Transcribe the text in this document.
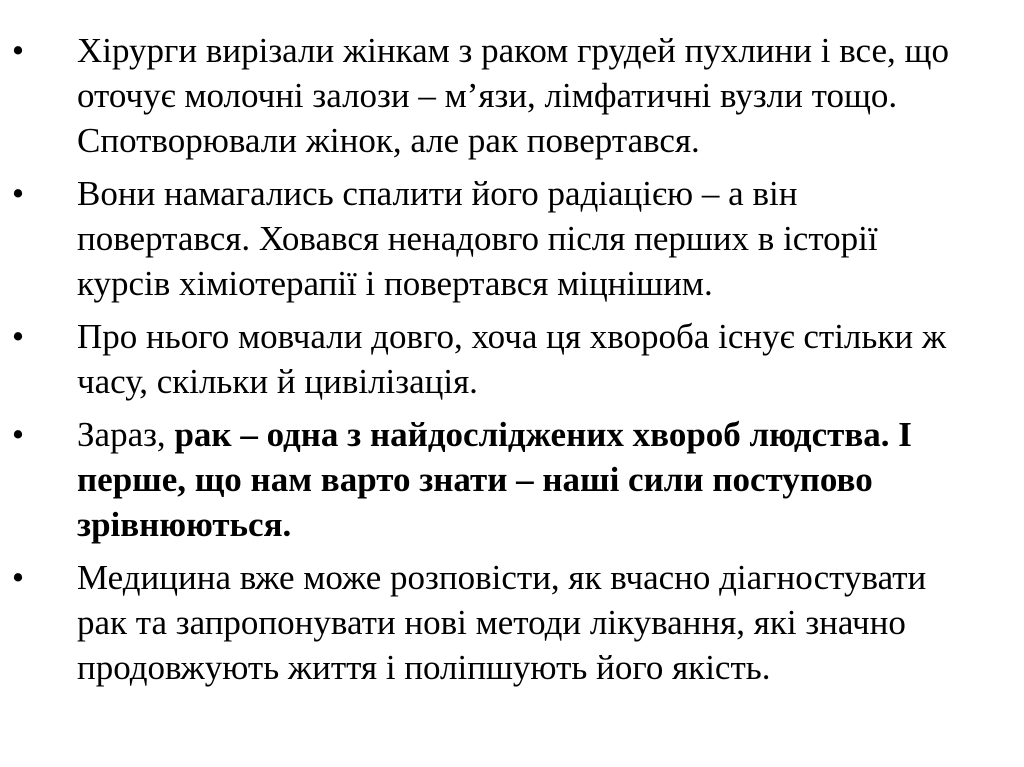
• Хірурги вирізали жінкам з раком грудей пухлини і все, що оточує молочні залози – м’язи, лімфатичні вузли тощо. Спотворювали жінок, але рак повертався.
• Вони намагались спалити його радіацією – а він повертався. Ховався ненадовго після перших в історії курсів хіміотерапії і повертався міцнішим.
• Про нього мовчали довго, хоча ця хвороба існує стільки ж часу, скільки й цивілізація.
• Зараз, рак – одна з найдосліджених хвороб людства. І перше, що нам варто знати – наші сили поступово зрівнюються.
• Медицина вже може розповісти, як вчасно діагностувати рак та запропонувати нові методи лікування, які значно продовжують життя і поліпшують його якість.
